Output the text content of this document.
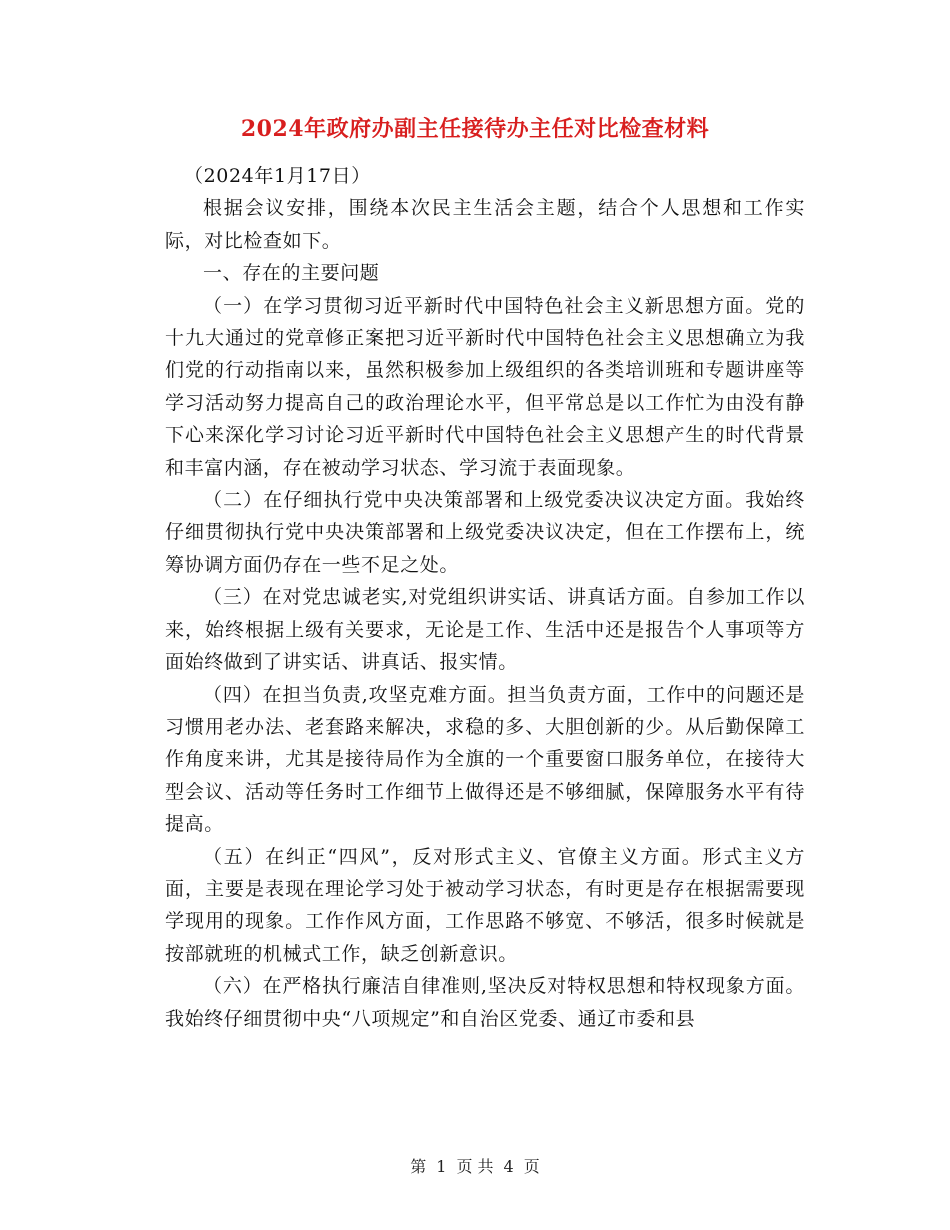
2024年政府办副主任接待办主任对比检查材料

（2024年1月17日）

根据会议安排，围绕本次民主生活会主题，结合个人思想和工作实际，对比检查如下。

一、存在的主要问题

（一）在学习贯彻习近平新时代中国特色社会主义新思想方面。党的十九大通过的党章修正案把习近平新时代中国特色社会主义思想确立为我们党的行动指南以来，虽然积极参加上级组织的各类培训班和专题讲座等学习活动努力提高自己的政治理论水平，但平常总是以工作忙为由没有静下心来深化学习讨论习近平新时代中国特色社会主义思想产生的时代背景和丰富内涵，存在被动学习状态、学习流于表面现象。

（二）在仔细执行党中央决策部署和上级党委决议决定方面。我始终仔细贯彻执行党中央决策部署和上级党委决议决定，但在工作摆布上，统筹协调方面仍存在一些不足之处。

（三）在对党忠诚老实,对党组织讲实话、讲真话方面。自参加工作以来，始终根据上级有关要求，无论是工作、生活中还是报告个人事项等方面始终做到了讲实话、讲真话、报实情。

（四）在担当负责,攻坚克难方面。担当负责方面，工作中的问题还是习惯用老办法、老套路来解决，求稳的多、大胆创新的少。从后勤保障工作角度来讲，尤其是接待局作为全旗的一个重要窗口服务单位，在接待大型会议、活动等任务时工作细节上做得还是不够细腻，保障服务水平有待提高。

（五）在纠正“四风”，反对形式主义、官僚主义方面。形式主义方面，主要是表现在理论学习处于被动学习状态，有时更是存在根据需要现学现用的现象。工作作风方面，工作思路不够宽、不够活，很多时候就是按部就班的机械式工作，缺乏创新意识。

（六）在严格执行廉洁自律准则,坚决反对特权思想和特权现象方面。我始终仔细贯彻中央“八项规定”和自治区党委、通辽市委和县

第 1 页 共 4 页
